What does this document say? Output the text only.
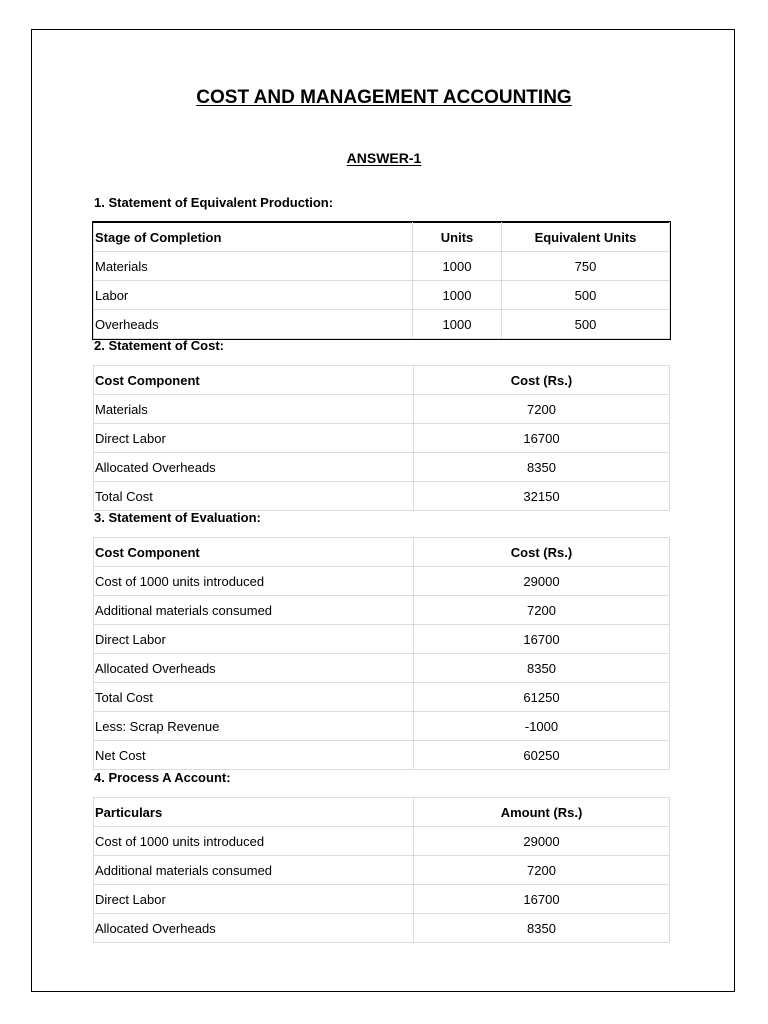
COST AND MANAGEMENT ACCOUNTING
ANSWER-1
1. Statement of Equivalent Production:
Stage of Completion	Units	Equivalent Units
Materials	1000	750
Labor	1000	500
Overheads	1000	500
2. Statement of Cost:
Cost Component	Cost (Rs.)
Materials	7200
Direct Labor	16700
Allocated Overheads	8350
Total Cost	32150
3. Statement of Evaluation:
Cost Component	Cost (Rs.)
Cost of 1000 units introduced	29000
Additional materials consumed	7200
Direct Labor	16700
Allocated Overheads	8350
Total Cost	61250
Less: Scrap Revenue	-1000
Net Cost	60250
4. Process A Account:
Particulars	Amount (Rs.)
Cost of 1000 units introduced	29000
Additional materials consumed	7200
Direct Labor	16700
Allocated Overheads	8350
